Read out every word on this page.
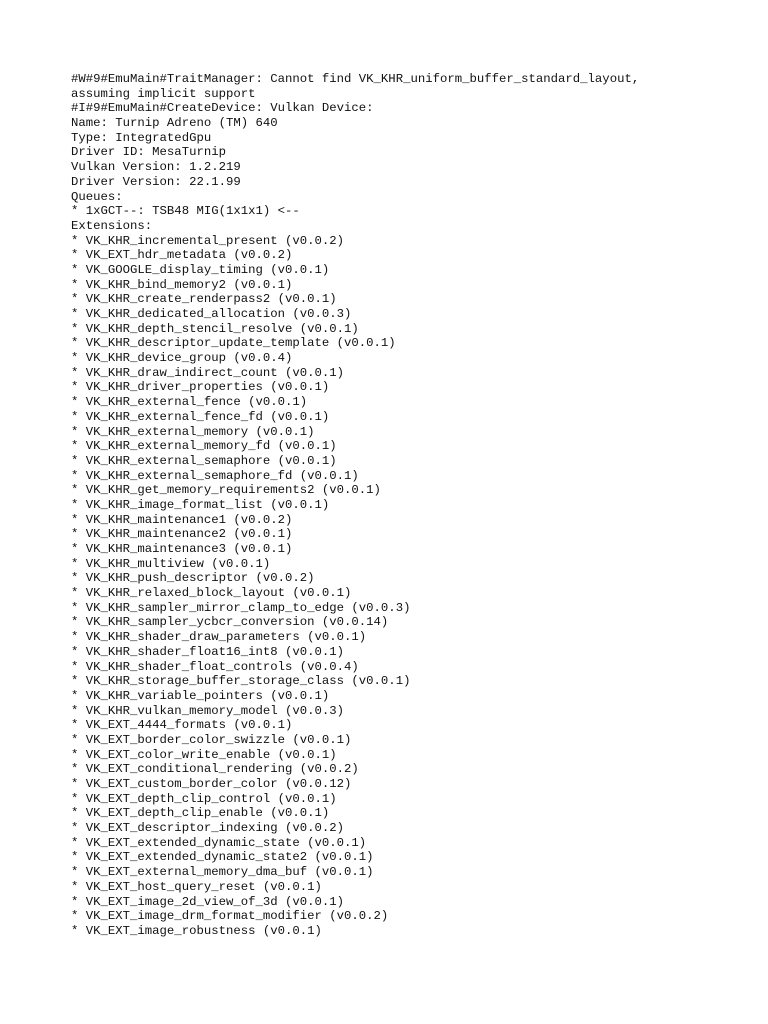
#W#9#EmuMain#TraitManager: Cannot find VK_KHR_uniform_buffer_standard_layout,
assuming implicit support
#I#9#EmuMain#CreateDevice: Vulkan Device:
Name: Turnip Adreno (TM) 640
Type: IntegratedGpu
Driver ID: MesaTurnip
Vulkan Version: 1.2.219
Driver Version: 22.1.99
Queues:
* 1xGCT--: TSB48 MIG(1x1x1) <--
Extensions:
* VK_KHR_incremental_present (v0.0.2)
* VK_EXT_hdr_metadata (v0.0.2)
* VK_GOOGLE_display_timing (v0.0.1)
* VK_KHR_bind_memory2 (v0.0.1)
* VK_KHR_create_renderpass2 (v0.0.1)
* VK_KHR_dedicated_allocation (v0.0.3)
* VK_KHR_depth_stencil_resolve (v0.0.1)
* VK_KHR_descriptor_update_template (v0.0.1)
* VK_KHR_device_group (v0.0.4)
* VK_KHR_draw_indirect_count (v0.0.1)
* VK_KHR_driver_properties (v0.0.1)
* VK_KHR_external_fence (v0.0.1)
* VK_KHR_external_fence_fd (v0.0.1)
* VK_KHR_external_memory (v0.0.1)
* VK_KHR_external_memory_fd (v0.0.1)
* VK_KHR_external_semaphore (v0.0.1)
* VK_KHR_external_semaphore_fd (v0.0.1)
* VK_KHR_get_memory_requirements2 (v0.0.1)
* VK_KHR_image_format_list (v0.0.1)
* VK_KHR_maintenance1 (v0.0.2)
* VK_KHR_maintenance2 (v0.0.1)
* VK_KHR_maintenance3 (v0.0.1)
* VK_KHR_multiview (v0.0.1)
* VK_KHR_push_descriptor (v0.0.2)
* VK_KHR_relaxed_block_layout (v0.0.1)
* VK_KHR_sampler_mirror_clamp_to_edge (v0.0.3)
* VK_KHR_sampler_ycbcr_conversion (v0.0.14)
* VK_KHR_shader_draw_parameters (v0.0.1)
* VK_KHR_shader_float16_int8 (v0.0.1)
* VK_KHR_shader_float_controls (v0.0.4)
* VK_KHR_storage_buffer_storage_class (v0.0.1)
* VK_KHR_variable_pointers (v0.0.1)
* VK_KHR_vulkan_memory_model (v0.0.3)
* VK_EXT_4444_formats (v0.0.1)
* VK_EXT_border_color_swizzle (v0.0.1)
* VK_EXT_color_write_enable (v0.0.1)
* VK_EXT_conditional_rendering (v0.0.2)
* VK_EXT_custom_border_color (v0.0.12)
* VK_EXT_depth_clip_control (v0.0.1)
* VK_EXT_depth_clip_enable (v0.0.1)
* VK_EXT_descriptor_indexing (v0.0.2)
* VK_EXT_extended_dynamic_state (v0.0.1)
* VK_EXT_extended_dynamic_state2 (v0.0.1)
* VK_EXT_external_memory_dma_buf (v0.0.1)
* VK_EXT_host_query_reset (v0.0.1)
* VK_EXT_image_2d_view_of_3d (v0.0.1)
* VK_EXT_image_drm_format_modifier (v0.0.2)
* VK_EXT_image_robustness (v0.0.1)
